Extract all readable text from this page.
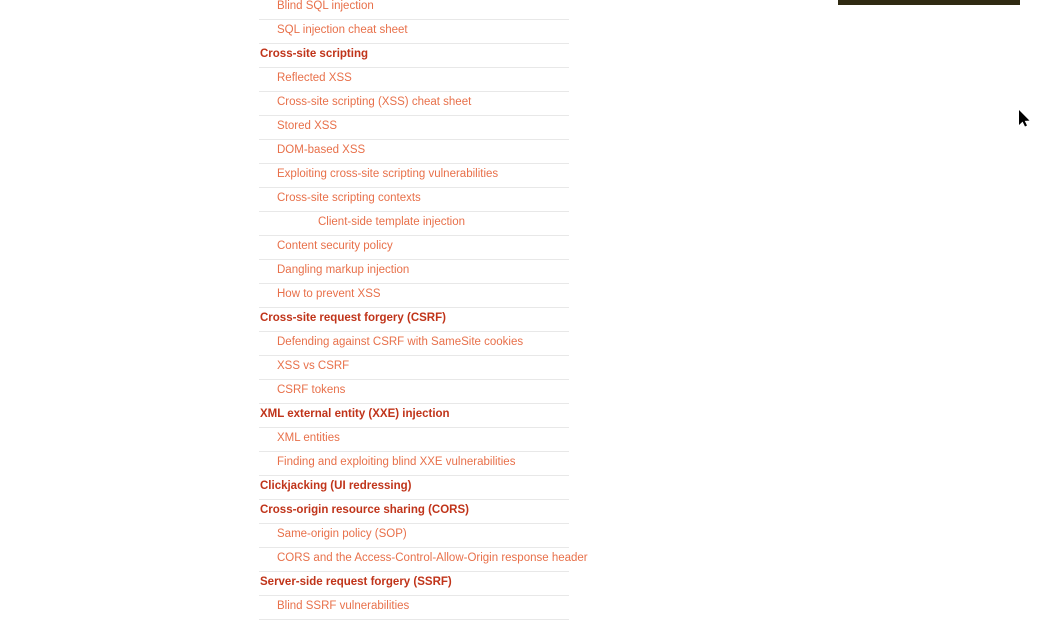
Blind SQL injection
SQL injection cheat sheet
Cross-site scripting
Reflected XSS
Cross-site scripting (XSS) cheat sheet
Stored XSS
DOM-based XSS
Exploiting cross-site scripting vulnerabilities
Cross-site scripting contexts
Client-side template injection
Content security policy
Dangling markup injection
How to prevent XSS
Cross-site request forgery (CSRF)
Defending against CSRF with SameSite cookies
XSS vs CSRF
CSRF tokens
XML external entity (XXE) injection
XML entities
Finding and exploiting blind XXE vulnerabilities
Clickjacking (UI redressing)
Cross-origin resource sharing (CORS)
Same-origin policy (SOP)
CORS and the Access-Control-Allow-Origin response header
Server-side request forgery (SSRF)
Blind SSRF vulnerabilities
